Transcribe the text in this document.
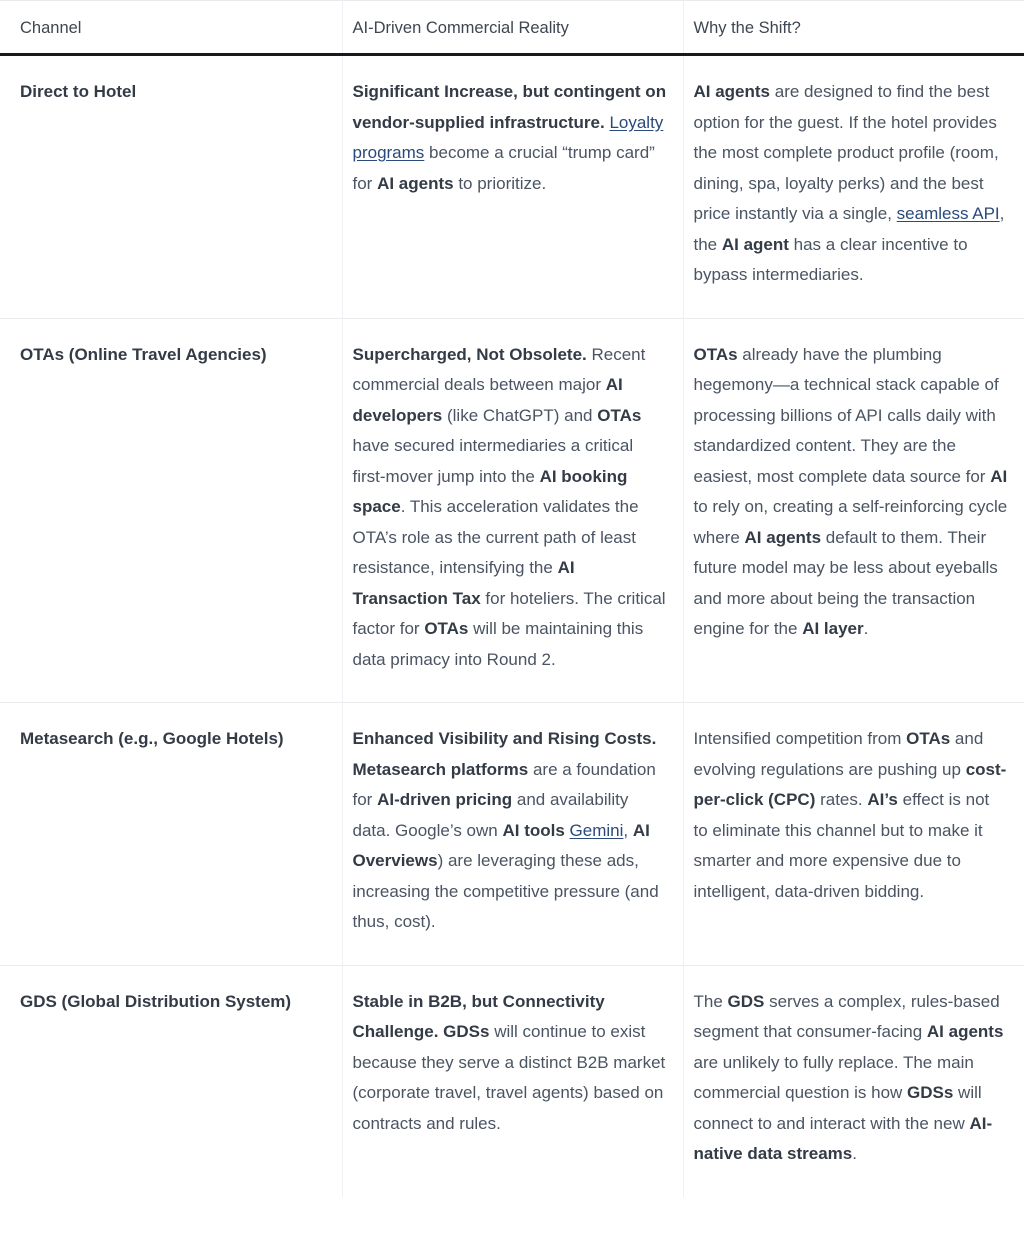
Channel	AI-Driven Commercial Reality	Why the Shift?
Direct to Hotel	Significant Increase, but contingent on vendor-supplied infrastructure. Loyalty programs become a crucial “trump card” for AI agents to prioritize.	AI agents are designed to find the best option for the guest. If the hotel provides the most complete product profile (room, dining, spa, loyalty perks) and the best price instantly via a single, seamless API, the AI agent has a clear incentive to bypass intermediaries.
OTAs (Online Travel Agencies)	Supercharged, Not Obsolete. Recent commercial deals between major AI developers (like ChatGPT) and OTAs have secured intermediaries a critical first-mover jump into the AI booking space. This acceleration validates the OTA’s role as the current path of least resistance, intensifying the AI Transaction Tax for hoteliers. The critical factor for OTAs will be maintaining this data primacy into Round 2.	OTAs already have the plumbing hegemony—a technical stack capable of processing billions of API calls daily with standardized content. They are the easiest, most complete data source for AI to rely on, creating a self-reinforcing cycle where AI agents default to them. Their future model may be less about eyeballs and more about being the transaction engine for the AI layer.
Metasearch (e.g., Google Hotels)	Enhanced Visibility and Rising Costs. Metasearch platforms are a foundation for AI-driven pricing and availability data. Google’s own AI tools Gemini, AI Overviews) are leveraging these ads, increasing the competitive pressure (and thus, cost).	Intensified competition from OTAs and evolving regulations are pushing up cost-per-click (CPC) rates. AI’s effect is not to eliminate this channel but to make it smarter and more expensive due to intelligent, data-driven bidding.
GDS (Global Distribution System)	Stable in B2B, but Connectivity Challenge. GDSs will continue to exist because they serve a distinct B2B market (corporate travel, travel agents) based on contracts and rules.	The GDS serves a complex, rules-based segment that consumer-facing AI agents are unlikely to fully replace. The main commercial question is how GDSs will connect to and interact with the new AI-native data streams.
